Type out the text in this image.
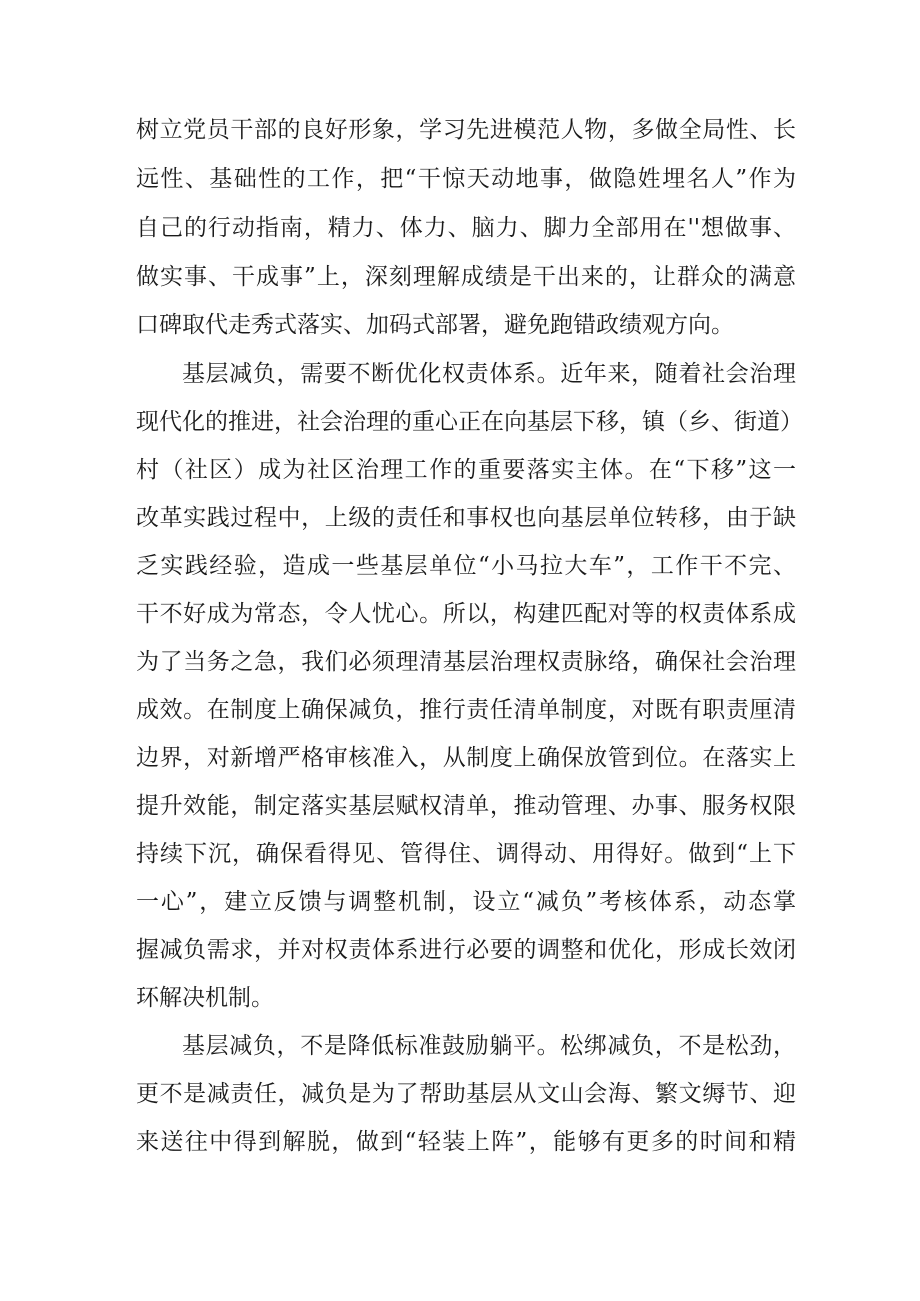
树立党员干部的良好形象，学习先进模范人物，多做全局性、长
远性、基础性的工作，把“干惊天动地事，做隐姓埋名人”作为
自己的行动指南，精力、体力、脑力、脚力全部用在''想做事、
做实事、干成事”上，深刻理解成绩是干出来的，让群众的满意
口碑取代走秀式落实、加码式部署，避免跑错政绩观方向。
基层减负，需要不断优化权责体系。近年来，随着社会治理
现代化的推进，社会治理的重心正在向基层下移，镇（乡、街道）
村（社区）成为社区治理工作的重要落实主体。在“下移”这一
改革实践过程中，上级的责任和事权也向基层单位转移，由于缺
乏实践经验，造成一些基层单位“小马拉大车”，工作干不完、
干不好成为常态，令人忧心。所以，构建匹配对等的权责体系成
为了当务之急，我们必须理清基层治理权责脉络，确保社会治理
成效。在制度上确保减负，推行责任清单制度，对既有职责厘清
边界，对新增严格审核准入，从制度上确保放管到位。在落实上
提升效能，制定落实基层赋权清单，推动管理、办事、服务权限
持续下沉，确保看得见、管得住、调得动、用得好。做到“上下
一心”，建立反馈与调整机制，设立“减负”考核体系，动态掌
握减负需求，并对权责体系进行必要的调整和优化，形成长效闭
环解决机制。
基层减负，不是降低标准鼓励躺平。松绑减负，不是松劲，
更不是减责任，减负是为了帮助基层从文山会海、繁文缛节、迎
来送往中得到解脱，做到“轻装上阵”，能够有更多的时间和精
